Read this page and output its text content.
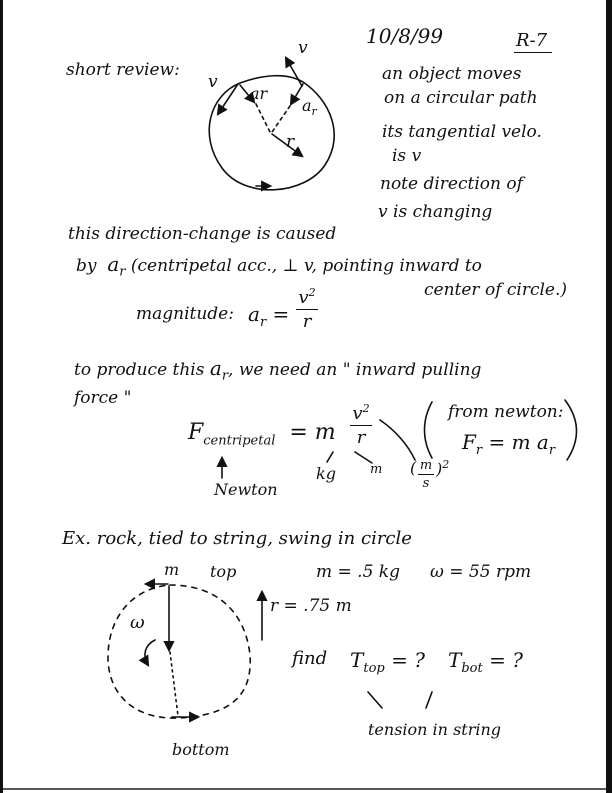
10/8/99	R-7
short review:
v
v
ar
$a_r$
r
an object moves
on a circular path
its tangential velo.
is v
note direction of
v is changing
this direction-change is caused
by $a_r$ (centripetal acc., ⊥ v, pointing inward to
center of circle.)
magnitude: $a_r$ =
$v^2$
r
to produce this $a_r$, we need an " inward pulling
force "
$F_{centripetal} = m$
$v^2$
r
kg	m ( m
s
)$^2$
Newton
from newton:
$F_r = m$ $a_r$
Ex. rock, tied to string, swing in circle
m top
ω
m = .5 kg ω = 55 rpm
r = .75 m
find $T_{top}$ = ? $T_{bot}$ = ?
tension in string
bottom
